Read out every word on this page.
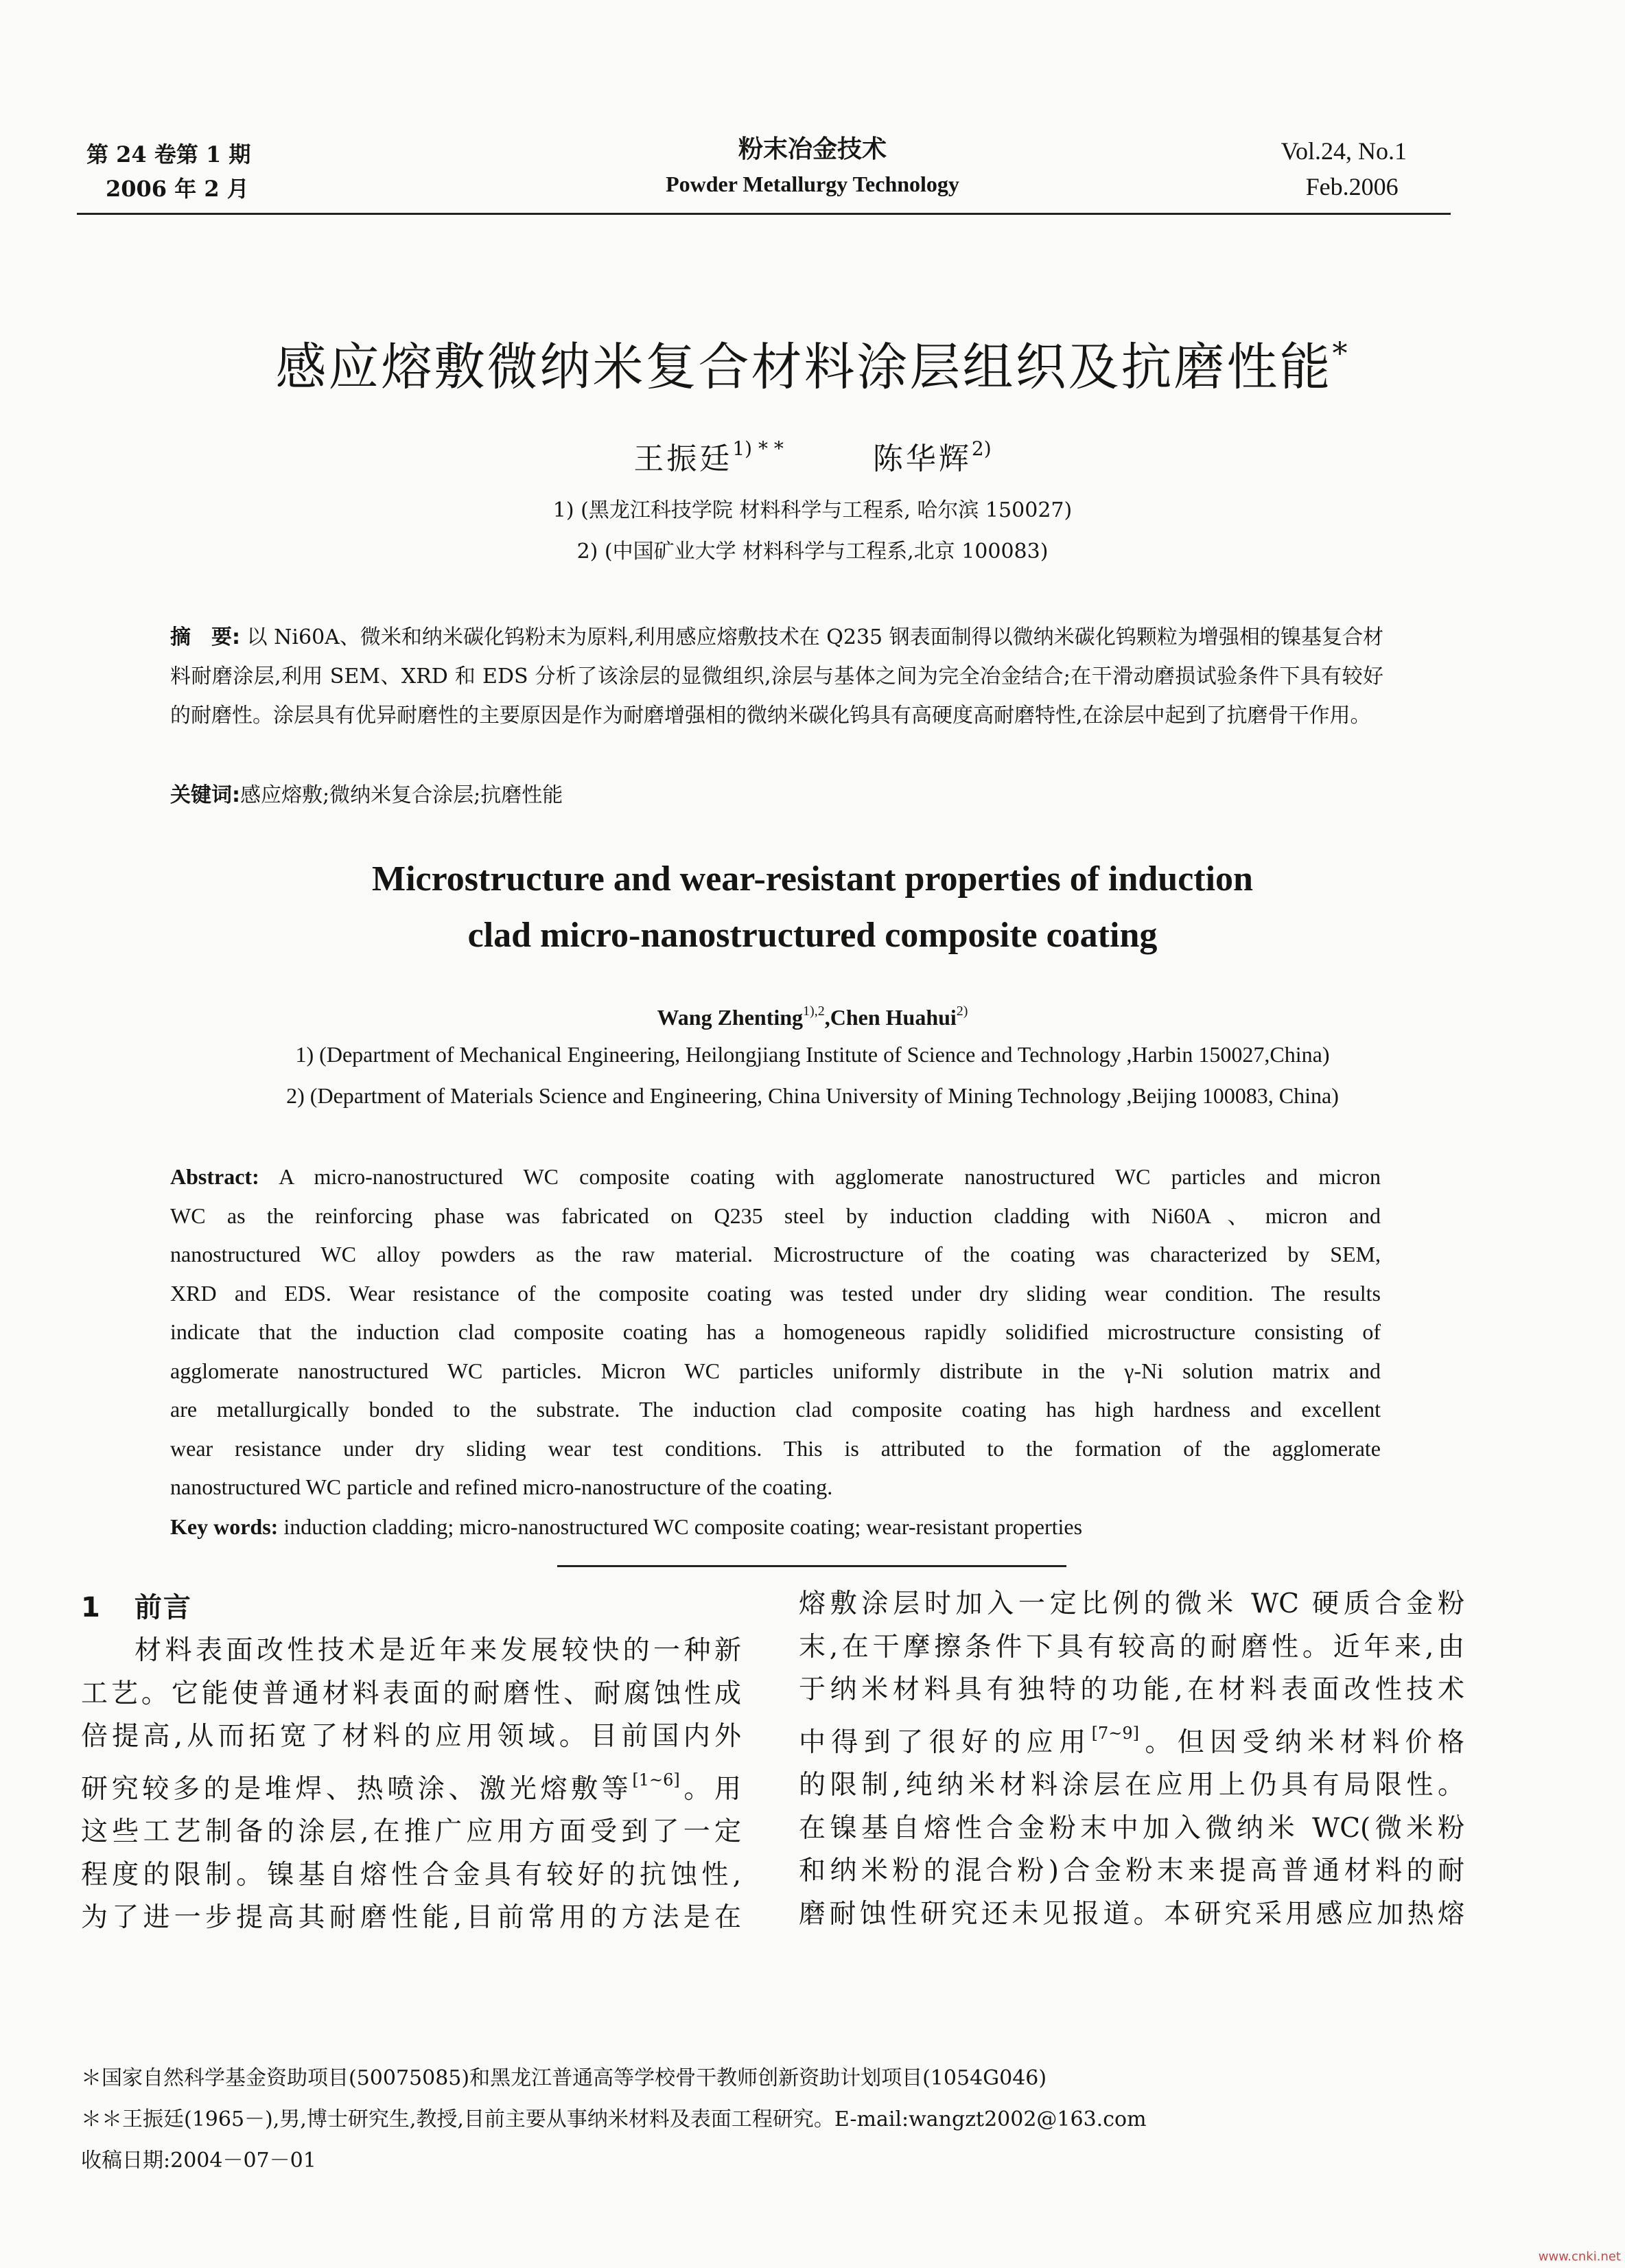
第 24 卷第 1 期
2006 年 2 月
粉末冶金技术
Powder Metallurgy Technology
Vol.24, No.1
Feb.2006
感应熔敷微纳米复合材料涂层组织及抗磨性能*
王振廷$^{1) * *}$	陈华辉$^{2)}$
1) (黑龙江科技学院 材料科学与工程系, 哈尔滨 150027)
2) (中国矿业大学 材料科学与工程系,北京 100083)
摘　要: 以 Ni60A、微米和纳米碳化钨粉末为原料,利用感应熔敷技术在 Q235 钢表面制得以微纳米碳化钨颗粒为增强相的镍基复合材料耐磨涂层,利用 SEM、XRD 和 EDS 分析了该涂层的显微组织,涂层与基体之间为完全冶金结合;在干滑动磨损试验条件下具有较好的耐磨性。涂层具有优异耐磨性的主要原因是作为耐磨增强相的微纳米碳化钨具有高硬度高耐磨特性,在涂层中起到了抗磨骨干作用。
关键词:感应熔敷;微纳米复合涂层;抗磨性能
Microstructure and wear-resistant properties of induction
clad micro-nanostructured composite coating
Wang Zhenting$^{1),2}$,Chen Huahui$^{2)}$
1) (Department of Mechanical Engineering, Heilongjiang Institute of Science and Technology ,Harbin 150027,China)
2) (Department of Materials Science and Engineering, China University of Mining Technology ,Beijing 100083, China)
Abstract: A micro-nanostructured WC composite coating with agglomerate nanostructured WC particles and micron
WC as the reinforcing phase was fabricated on Q235 steel by induction cladding with Ni60A、micron and
nanostructured WC alloy powders as the raw material. Microstructure of the coating was characterized by SEM,
XRD and EDS. Wear resistance of the composite coating was tested under dry sliding wear condition. The results
indicate that the induction clad composite coating has a homogeneous rapidly solidified microstructure consisting of
agglomerate nanostructured WC particles. Micron WC particles uniformly distribute in the γ-Ni solution matrix and
are metallurgically bonded to the substrate. The induction clad composite coating has high hardness and excellent
wear resistance under dry sliding wear test conditions. This is attributed to the formation of the agglomerate
nanostructured WC particle and refined micro-nanostructure of the coating.
Key words: induction cladding; micro-nanostructured WC composite coating; wear-resistant properties
1 前言
材料表面改性技术是近年来发展较快的一种新
工艺。它能使普通材料表面的耐磨性、耐腐蚀性成
倍提高,从而拓宽了材料的应用领域。目前国内外
研究较多的是堆焊、热喷涂、激光熔敷等[1~6]。用
这些工艺制备的涂层,在推广应用方面受到了一定
程度的限制。镍基自熔性合金具有较好的抗蚀性,
为了进一步提高其耐磨性能,目前常用的方法是在
熔敷涂层时加入一定比例的微米 WC 硬质合金粉
末,在干摩擦条件下具有较高的耐磨性。近年来,由
于纳米材料具有独特的功能,在材料表面改性技术
中得到了很好的应用[7~9]。但因受纳米材料价格
的限制,纯纳米材料涂层在应用上仍具有局限性。
在镍基自熔性合金粉末中加入微纳米 WC(微米粉
和纳米粉的混合粉)合金粉末来提高普通材料的耐
磨耐蚀性研究还未见报道。本研究采用感应加热熔
＊国家自然科学基金资助项目(50075085)和黑龙江普通高等学校骨干教师创新资助计划项目(1054G046)
＊＊王振廷(1965－),男,博士研究生,教授,目前主要从事纳米材料及表面工程研究。E-mail:wangzt2002@163.com
收稿日期:2004－07－01
www.cnki.net
